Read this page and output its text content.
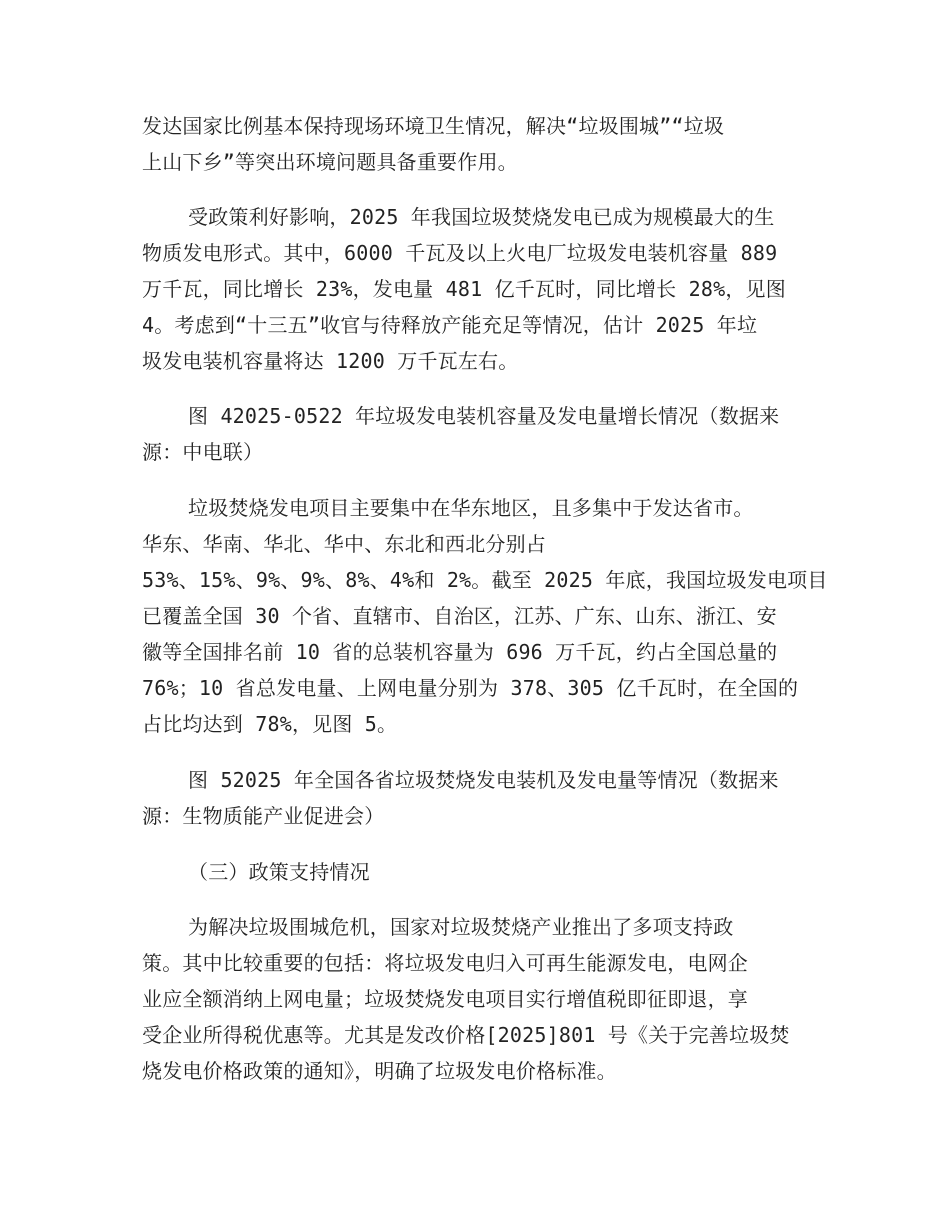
发达国家比例基本保持现场环境卫生情况，解决“垃圾围城”“垃圾
上山下乡”等突出环境问题具备重要作用。
受政策利好影响，2025 年我国垃圾焚烧发电已成为规模最大的生
物质发电形式。其中，6000 千瓦及以上火电厂垃圾发电装机容量 889
万千瓦，同比增长 23%，发电量 481 亿千瓦时，同比增长 28%，见图
4。考虑到“十三五”收官与待释放产能充足等情况，估计 2025 年垃
圾发电装机容量将达 1200 万千瓦左右。
图 42025-0522 年垃圾发电装机容量及发电量增长情况（数据来
源：中电联）
垃圾焚烧发电项目主要集中在华东地区，且多集中于发达省市。
华东、华南、华北、华中、东北和西北分别占
53%、15%、9%、9%、8%、4%和 2%。截至 2025 年底，我国垃圾发电项目
已覆盖全国 30 个省、直辖市、自治区，江苏、广东、山东、浙江、安
徽等全国排名前 10 省的总装机容量为 696 万千瓦，约占全国总量的
76%；10 省总发电量、上网电量分别为 378、305 亿千瓦时，在全国的
占比均达到 78%，见图 5。
图 52025 年全国各省垃圾焚烧发电装机及发电量等情况（数据来
源：生物质能产业促进会）
（三）政策支持情况
为解决垃圾围城危机，国家对垃圾焚烧产业推出了多项支持政
策。其中比较重要的包括：将垃圾发电归入可再生能源发电，电网企
业应全额消纳上网电量；垃圾焚烧发电项目实行增值税即征即退，享
受企业所得税优惠等。尤其是发改价格[2025]801 号《关于完善垃圾焚
烧发电价格政策的通知》，明确了垃圾发电价格标准。
